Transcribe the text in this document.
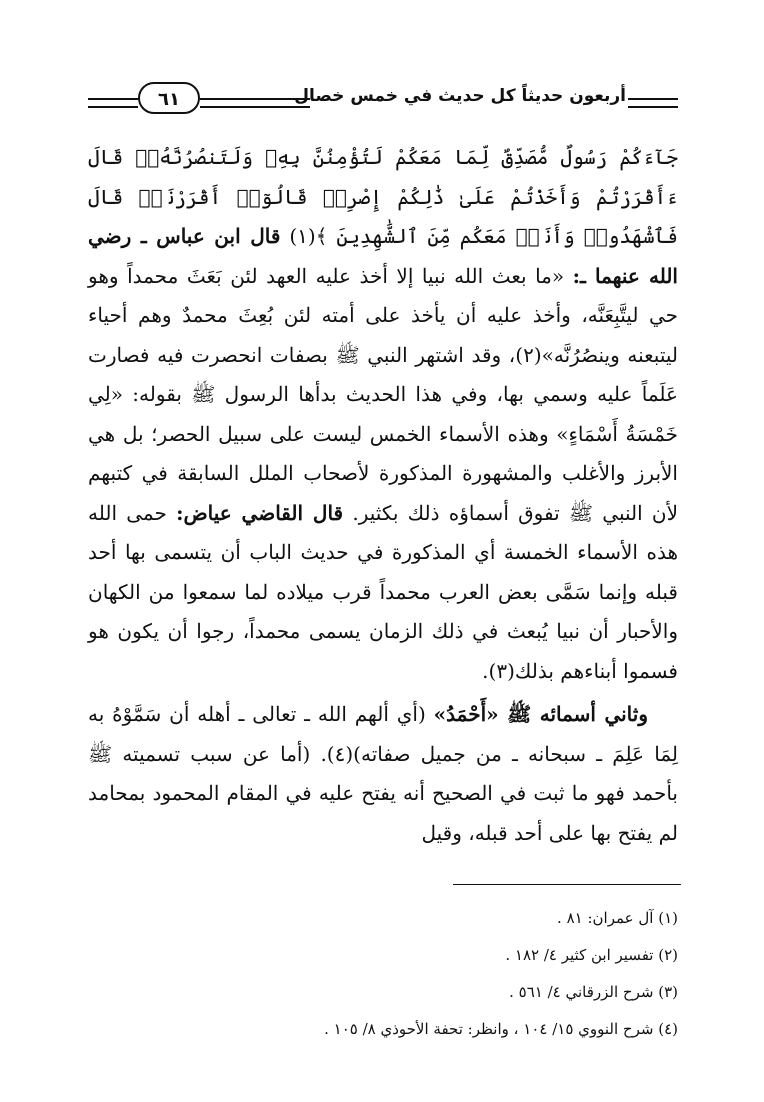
أربعون حديثاً كل حديث في خمس خصال
٦١

جَآءَكُمْ رَسُولٌ مُّصَدِّقٌ لِّمَا مَعَكُمْ لَتُؤْمِنُنَّ بِهِۦ وَلَتَنصُرُنَّهُۥۚ قَالَ ءَأَقْرَرْتُمْ وَأَخَذْتُمْ عَلَىٰ ذَٰلِكُمْ إِصْرِىۖ قَالُوٓا۟ أَقْرَرْنَاۚ قَالَ فَٱشْهَدُوا۟ وَأَنَا۠ مَعَكُم مِّنَ ٱلشَّٰهِدِينَ ﴾(١) قال ابن عباس ـ رضي الله عنهما ـ: «ما بعث الله نبيا إلا أخذ عليه العهد لئن بَعَثَ محمداً وهو حي ليتَّبِعَنَّه، وأخذ عليه أن يأخذ على أمته لئن بُعِثَ محمدٌ وهم أحياء ليتبعنه وينصُرُنَّه»(٢)، وقد اشتهر النبي ﷺ بصفات انحصرت فيه فصارت عَلَماً عليه وسمي بها، وفي هذا الحديث بدأها الرسول ﷺ بقوله: «لِي خَمْسَةُ أَسْمَاءٍ» وهذه الأسماء الخمس ليست على سبيل الحصر؛ بل هي الأبرز والأغلب والمشهورة المذكورة لأصحاب الملل السابقة في كتبهم لأن النبي ﷺ تفوق أسماؤه ذلك بكثير. قال القاضي عياض: حمى الله هذه الأسماء الخمسة أي المذكورة في حديث الباب أن يتسمى بها أحد قبله وإنما سَمَّى بعض العرب محمداً قرب ميلاده لما سمعوا من الكهان والأحبار أن نبيا يُبعث في ذلك الزمان يسمى محمداً، رجوا أن يكون هو فسموا أبناءهم بذلك(٣).

وثاني أسمائه ﷺ «أَحْمَدُ» (أي ألهم الله ـ تعالى ـ أهله أن سَمَّوْهُ به لِمَا عَلِمَ ـ سبحانه ـ من جميل صفاته)(٤). (أما عن سبب تسميته ﷺ بأحمد فهو ما ثبت في الصحيح أنه يفتح عليه في المقام المحمود بمحامد لم يفتح بها على أحد قبله، وقيل

(١) آل عمران: ٨١ .
(٢) تفسير ابن كثير ٤/ ١٨٢ .
(٣) شرح الزرقاني ٤/ ٥٦١ .
(٤) شرح النووي ١٥/ ١٠٤ ، وانظر: تحفة الأحوذي ٨/ ١٠٥ .
